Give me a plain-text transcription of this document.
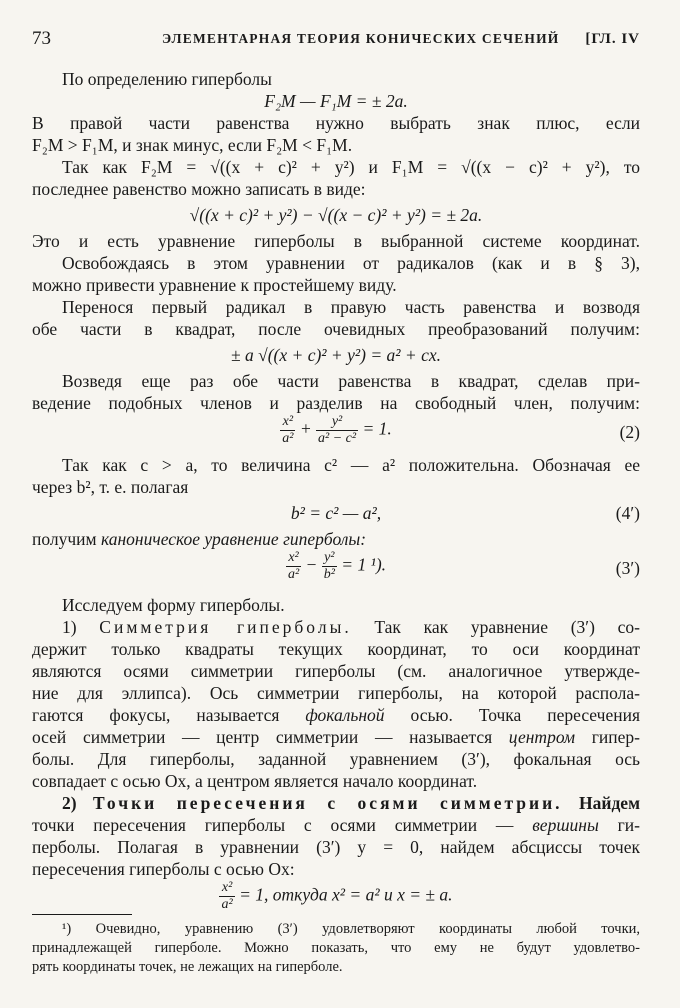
73	ЭЛЕМЕНТАРНАЯ ТЕОРИЯ КОНИЧЕСКИХ СЕЧЕНИЙ [ГЛ. IV
По определению гиперболы
F₂M — F₁M = ± 2a.
В правой части равенства нужно выбрать знак плюс, если
F₂M > F₁M, и знак минус, если F₂M < F₁M.
Так как F₂M = √((x + c)² + y²) и F₁M = √((x − c)² + y²), то
последнее равенство можно записать в виде:
√((x + c)² + y²) − √((x − c)² + y²) = ± 2a.
Это и есть уравнение гиперболы в выбранной системе координат.
Освобождаясь в этом уравнении от радикалов (как и в § 3),
можно привести уравнение к простейшему виду.
Перенося первый радикал в правую часть равенства и возводя
обе части в квадрат, после очевидных преобразований получим:
± a √((x + c)² + y²) = a² + cx.
Возведя еще раз обе части равенства в квадрат, сделав при-
ведение подобных членов и разделив на свободный член, получим:
$\frac{\text{x²}}{\text{a²}} + \frac{\text{y²}}{\text{a² − c²}} = 1$.	(2)
Так как c > a, то величина c² — a² положительна. Обозначая ее
через b², т. е. полагая
b² = c² — a²,	(4′)
получим каноническое уравнение гиперболы:
$\frac{\text{x²}}{\text{a²}} - \frac{\text{y²}}{\text{b²}} = 1$ ¹).	(3′)
Исследуем форму гиперболы.
1) Симметрия гиперболы. Так как уравнение (3′) со-
держит только квадраты текущих координат, то оси координат
являются осями симметрии гиперболы (см. аналогичное утвержде-
ние для эллипса). Ось симметрии гиперболы, на которой распола-
гаются фокусы, называется фокальной осью. Точка пересечения
осей симметрии — центр симметрии — называется центром гипер-
болы. Для гиперболы, заданной уравнением (3′), фокальная ось
совпадает с осью Ox, а центром является начало координат.
2) Точки пересечения с осями симметрии. Найдем
точки пересечения гиперболы с осями симметрии — вершины ги-
перболы. Полагая в уравнении (3′) y = 0, найдем абсциссы точек
пересечения гиперболы с осью Ox:
$\frac{\text{x²}}{\text{a²}} = 1$, откуда x² = a² и x = ± a.
¹) Очевидно, уравнению (3′) удовлетворяют координаты любой точки,
принадлежащей гиперболе. Можно показать, что ему не будут удовлетво-
рять координаты точек, не лежащих на гиперболе.
